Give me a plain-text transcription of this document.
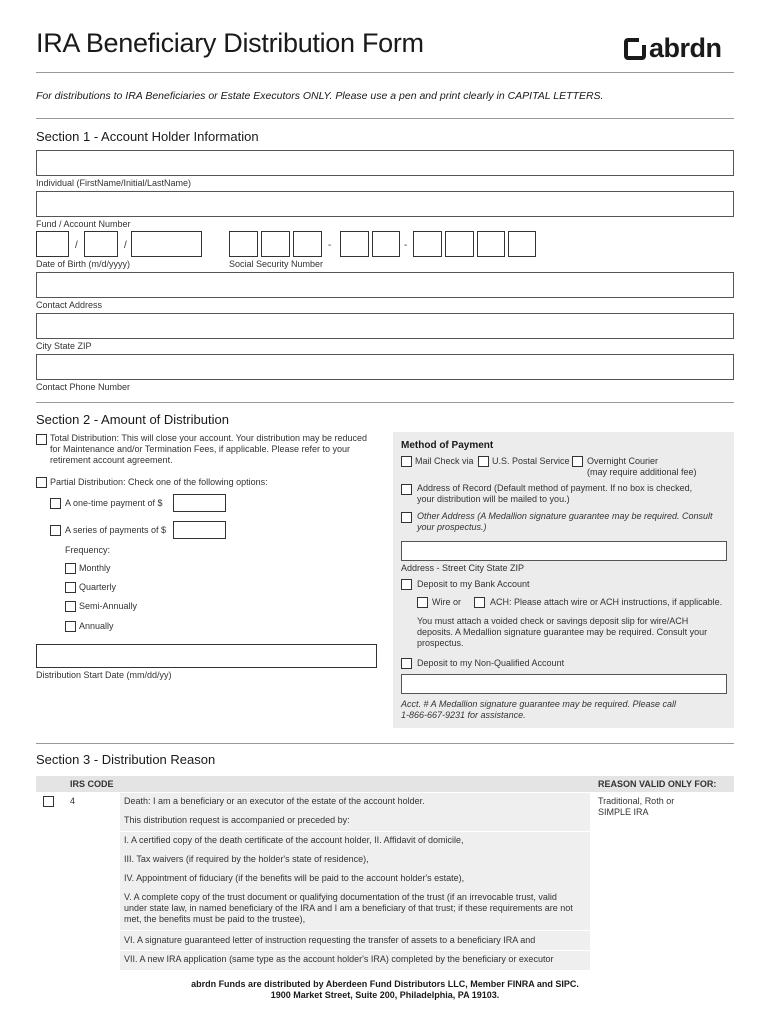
IRA Beneficiary Distribution Form	abrdn
For distributions to IRA Beneficiaries or Estate Executors ONLY. Please use a pen and print clearly in CAPITAL LETTERS.
Section 1 - Account Holder Information
Individual (FirstName/Initial/LastName)
Fund / Account Number
/	/
Date of Birth (m/d/yyyy)
-	-
Social Security Number
Contact Address
City State ZIP
Contact Phone Number
Section 2 - Amount of Distribution
Total Distribution: This will close your account. Your distribution may be reduced
for Maintenance and/or Termination Fees, if applicable. Please refer to your
retirement account agreement.
Partial Distribution: Check one of the following options:
A one-time payment of $
A series of payments of $
Frequency:
Monthly
Quarterly
Semi-Annually
Annually
Distribution Start Date (mm/dd/yy)
Method of Payment
Mail Check via U.S. Postal Service Overnight Courier
(may require additional fee)
Address of Record (Default method of payment. If no box is checked,
your distribution will be mailed to you.)
Other Address (A Medallion signature guarantee may be required. Consult
your prospectus.)
Address - Street City State ZIP
Deposit to my Bank Account
Wire or	ACH: Please attach wire or ACH instructions, if applicable.
You must attach a voided check or savings deposit slip for wire/ACH
deposits. A Medallion signature guarantee may be required. Consult your
prospectus.
Deposit to my Non-Qualified Account
Acct. # A Medallion signature guarantee may be required. Please call
1-866-667-9231 for assistance.
Section 3 - Distribution Reason
IRS CODE	REASON VALID ONLY FOR:
4	Death: I am a beneficiary or an executor of the estate of the account holder.	Traditional, Roth or
SIMPLE IRA
This distribution request is accompanied or preceded by:
I. A certified copy of the death certificate of the account holder, II. Affidavit of domicile,
III. Tax waivers (if required by the holder's state of residence),
IV. Appointment of fiduciary (if the benefits will be paid to the account holder's estate),
V. A complete copy of the trust document or qualifying documentation of the trust (if an irrevocable trust, valid
under state law, in named beneficiary of the IRA and I am a beneficiary of that trust; if these requirements are not
met, the benefits must be paid to the trustee),
VI. A signature guaranteed letter of instruction requesting the transfer of assets to a beneficiary IRA and
VII. A new IRA application (same type as the account holder's IRA) completed by the beneficiary or executor
abrdn Funds are distributed by Aberdeen Fund Distributors LLC, Member FINRA and SIPC.
1900 Market Street, Suite 200, Philadelphia, PA 19103.
